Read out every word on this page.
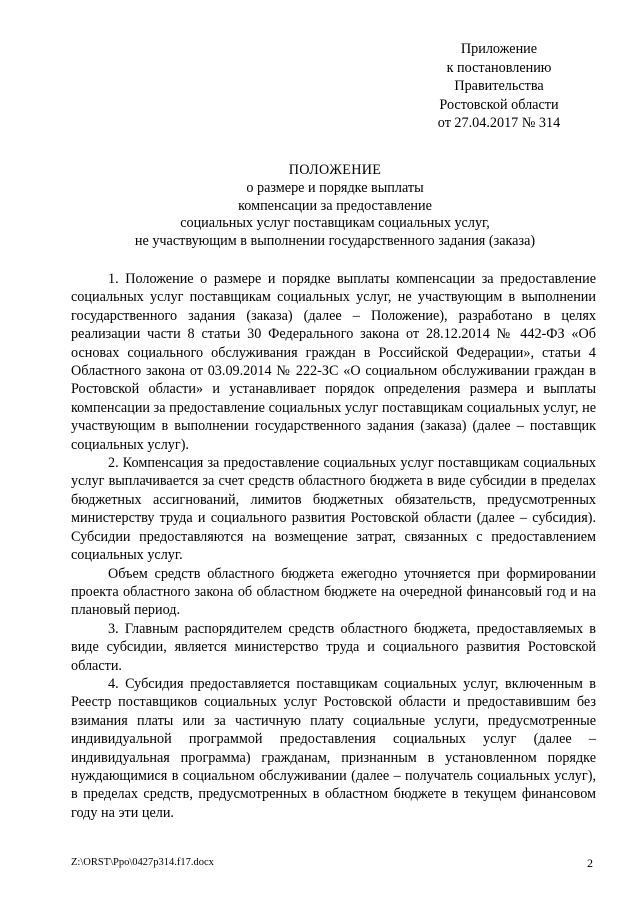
Приложение
к постановлению
Правительства
Ростовской области
от 27.04.2017 № 314
ПОЛОЖЕНИЕ
о размере и порядке выплаты
компенсации за предоставление
социальных услуг поставщикам социальных услуг,
не участвующим в выполнении государственного задания (заказа)

1. Положение о размере и порядке выплаты компенсации за предоставление социальных услуг поставщикам социальных услуг, не участвующим в выполнении государственного задания (заказа) (далее – Положение), разработано в целях реализации части 8 статьи 30 Федерального закона от 28.12.2014 № 442-ФЗ «Об основах социального обслуживания граждан в Российской Федерации», статьи 4 Областного закона от 03.09.2014 № 222-ЗС «О социальном обслуживании граждан в Ростовской области» и устанавливает порядок определения размера и выплаты компенсации за предоставление социальных услуг поставщикам социальных услуг, не участвующим в выполнении государственного задания (заказа) (далее – поставщик социальных услуг).

2. Компенсация за предоставление социальных услуг поставщикам социальных услуг выплачивается за счет средств областного бюджета в виде субсидии в пределах бюджетных ассигнований, лимитов бюджетных обязательств, предусмотренных министерству труда и социального развития Ростовской области (далее – субсидия). Субсидии предоставляются на возмещение затрат, связанных с предоставлением социальных услуг.

Объем средств областного бюджета ежегодно уточняется при формировании проекта областного закона об областном бюджете на очередной финансовый год и на плановый период.

3. Главным распорядителем средств областного бюджета, предоставляемых в виде субсидии, является министерство труда и социального развития Ростовской области.

4. Субсидия предоставляется поставщикам социальных услуг, включенным в Реестр поставщиков социальных услуг Ростовской области и предоставившим без взимания платы или за частичную плату социальные услуги, предусмотренные индивидуальной программой предоставления социальных услуг (далее – индивидуальная программа) гражданам, признанным в установленном порядке нуждающимися в социальном обслуживании (далее – получатель социальных услуг), в пределах средств, предусмотренных в областном бюджете в текущем финансовом году на эти цели.

Z:\ORST\Ppo\0427p314.f17.docx	2
